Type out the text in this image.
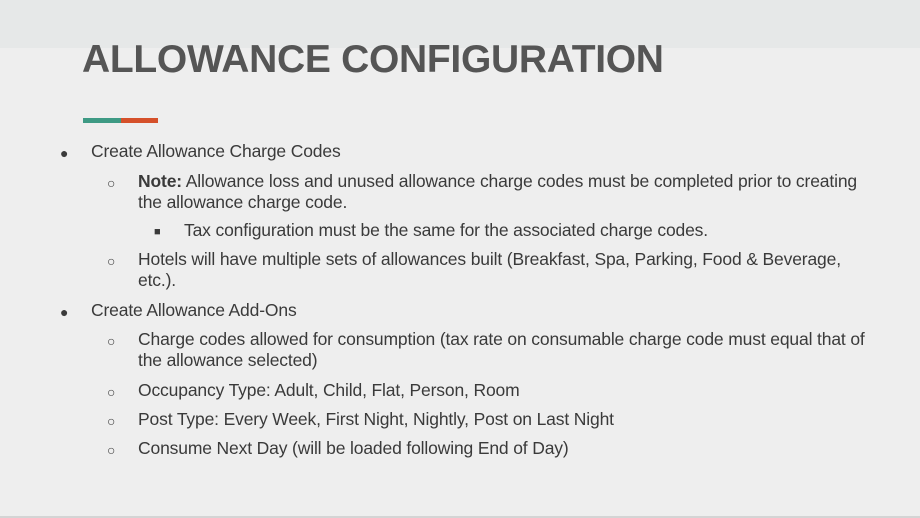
ALLOWANCE CONFIGURATION
● Create Allowance Charge Codes
○ Note: Allowance loss and unused allowance charge codes must be completed prior to creating
the allowance charge code.
■ Tax configuration must be the same for the associated charge codes.
○ Hotels will have multiple sets of allowances built (Breakfast, Spa, Parking, Food & Beverage,
etc.).
● Create Allowance Add-Ons
○ Charge codes allowed for consumption (tax rate on consumable charge code must equal that of
the allowance selected)
○ Occupancy Type: Adult, Child, Flat, Person, Room
○ Post Type: Every Week, First Night, Nightly, Post on Last Night
○ Consume Next Day (will be loaded following End of Day)
